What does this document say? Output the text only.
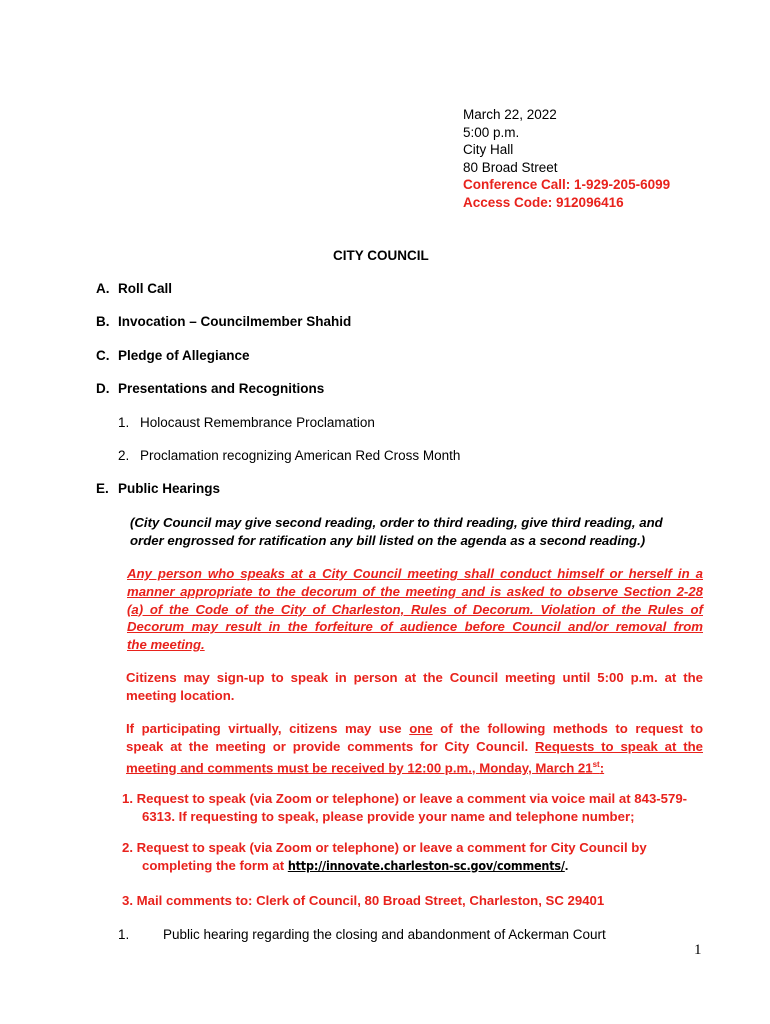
March 22, 2022
5:00 p.m.
City Hall
80 Broad Street
Conference Call: 1-929-205-6099
Access Code: 912096416
CITY COUNCIL
A. Roll Call
B. Invocation – Councilmember Shahid
C. Pledge of Allegiance
D. Presentations and Recognitions
1. Holocaust Remembrance Proclamation
2. Proclamation recognizing American Red Cross Month
E. Public Hearings
(City Council may give second reading, order to third reading, give third reading, and
order engrossed for ratification any bill listed on the agenda as a second reading.)
Any person who speaks at a City Council meeting shall conduct himself or herself in a
manner appropriate to the decorum of the meeting and is asked to observe Section 2-28
(a) of the Code of the City of Charleston, Rules of Decorum. Violation of the Rules of
Decorum may result in the forfeiture of audience before Council and/or removal from
the meeting.
Citizens may sign-up to speak in person at the Council meeting until 5:00 p.m. at the
meeting location.
If participating virtually, citizens may use one of the following methods to request to
speak at the meeting or provide comments for City Council. Requests to speak at the
meeting and comments must be received by 12:00 p.m., Monday, March 21st:
1. Request to speak (via Zoom or telephone) or leave a comment via voice mail at 843-579-
6313. If requesting to speak, please provide your name and telephone number;
2. Request to speak (via Zoom or telephone) or leave a comment for City Council by
completing the form at http://innovate.charleston-sc.gov/comments/.
3. Mail comments to: Clerk of Council, 80 Broad Street, Charleston, SC 29401
1. Public hearing regarding the closing and abandonment of Ackerman Court
1
